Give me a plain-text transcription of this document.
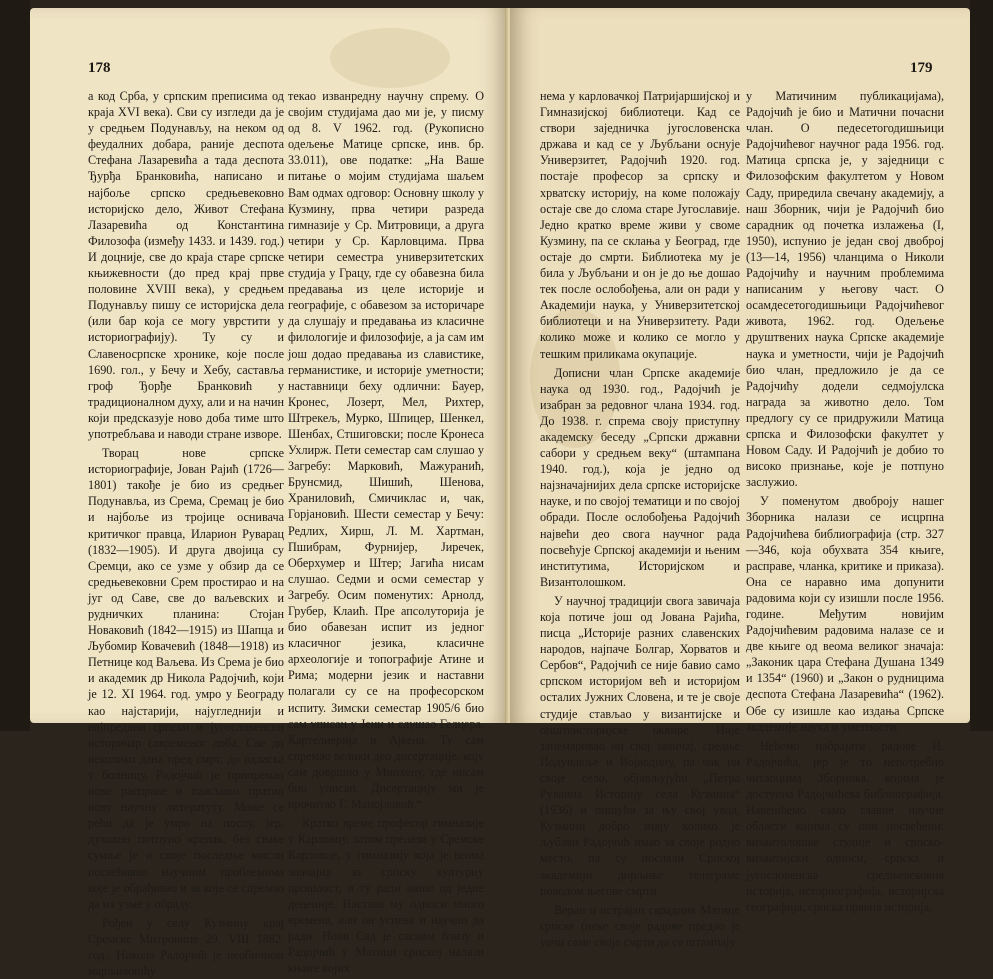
178

а код Срба, у српским преписима од краја XVI века). Сви су изгледи да је у средњем Подунављу, на неком од феудалних добара, раније деспота Стефана Лазаревића а тада деспота Ђурђа Бранковића, написано и најбоље српско средњевековно историјско дело, Живот Стефана Лазаревића од Константина Филозофа (између 1433. и 1439. год.) И доцније, све до краја старе српске књижевности (до пред крај прве половине XVIII века), у средњем Подунављу пишу се историјска дела (или бар која се могу уврстити у историографију). Ту су и Славеносрпске хронике, које после 1690. гол., у Бечу и Хебу, саставља гроф Ђорђе Бранковић у традиционалном духу, али и на начин који предсказује ново доба тиме што употребљава и наводи стране изворе.

Творац нове српске историографије, Јован Рајић (1726—1801) такође је био из средњег Подунавља, из Срема, Сремац је био и најбоље из тројице оснивача критичког правца, Иларион Руварац (1832—1905). И друга двојица су Сремци, ако се узме у обзир да се средњевековни Срем простирао и на југ од Саве, све до ваљевских и рудничких планина: Стојан Новаковић (1842—1915) из Шапца и Љубомир Ковачевић (1848—1918) из Петнице код Ваљева. Из Срема је био и академик др Никола Радојчић, који је 12. XI 1964. год. умро у Београду као најстарији, најугледнији и најпредани српски и југословенски историчар савременог доба. Све до неколико дана пред смрт, до одласка у болницу, Радојчић је припремао нове расправе и пажљиво пратио нову научну литератуту. Може се рећи да је умро на послу, јер, духовно потпуно крепак, без сваке сумње је и своје последње мисли посвећивао научним проблемима које је обрађивао и за које се спремао да их узме у обраду.

Рођен у селу Кузмину крај Сремске Митровице 29. VIII 1882. год., Никола Радојчић је необичном марљивошћу

текао изванредну научну спрему. О својим студијама дао ми је, у писму од 8. V 1962. год. (Рукописно одељење Матице српске, инв. бр. 33.011), ове податке: „На Ваше питање о мојим студијама шаљем Вам одмах одговор: Основну школу у Кузмину, прва четири разреда гимназије у Ср. Митровици, а друга четири у Ср. Карловцима. Прва четири семестра универзитетских студија у Грацу, где су обавезна била предавања из целе историје и географије, с обавезом за историчаре да слушају и предавања из класичне филологије и филозофије, а ја сам им још додао предавања из славистике, германистике, и историје уметности; наставници беху одлични: Бауер, Кронес, Лозерт, Мел, Рихтер, Штрекељ, Мурко, Шпицер, Шенкел, Шенбах, Стшиговски; после Кронеса Ухлирж. Пети семестар сам слушао у Загребу: Марковић, Мажуранић, Брунсмид, Шишић, Шенова, Храниловић, Смичиклас и, чак, Горјановић. Шести семестар у Бечу: Редлих, Хирш, Л. М. Хартман, Пшибрам, Фурнијер, Јиречек, Оберхумер и Штер; Јагића нисам слушао. Седми и осми семестар у Загребу. Осим поменутих: Арнолд, Грубер, Клаић. Пре апсолуторија је био обавезан испит из једног класичног језика, класичне археологије и топографије Атине и Рима; модерни језик и наставни полагали су се на професорском испиту. Зимски семестар 1905/6 био сам уписан у Јени и слушао Гелцера, Картелиерија и Ајкена. Ту сам спремао велики део дисертације, коју сам довршио у Минхену, где нисам био уписан. Дисертацију ми је прочитао Г. Манојловић.“

Кратко време професор гимназије у Карловцу, затим прелази у Сремске Карловце, у гимназију која је веома значајна за српску културну прошлост, и ту ради више од једне деценије. Настава му односи много времена, али он успева и научно да ради. Нови Сад је сасвим близу и Радојчић у Матици српској налази књиге којих

179

нема у карловачкој Патријаршијској и Гимназијској библиотеци. Кад се створи заједничка југословенска држава и кад се у Љубљани оснује Универзитет, Радојчић 1920. год. постаје професор за српску и хрватску историју, на коме положају остаје све до слома старе Југославије. Једно кратко време живи у своме Кузмину, па се склања у Београд, где остаје до смрти. Библиотека му је била у Љубљани и он је до ње дошао тек после ослобођења, али он ради у Академији наука, у Универзитетској библиотеци и на Универзитету. Ради колико може и колико се могло у тешким приликама окупације.

Дописни члан Српске академије наука од 1930. год., Радојчић је изабран за редовног члана 1934. год. До 1938. г. спрема своју приступну академску беседу „Српски државни сабори у средњем веку“ (штампана 1940. год.), која је једно од најзначајнијих дела српске историјске науке, и по својој тематици и по својој обради. После ослобођења Радојчић највећи део свога научног рада посвећује Српској академији и њеним институтима, Историјском и Византолошком.

У научној традицији свога завичаја која потиче још од Јована Рајића, писца „Историје разних славенских народов, најпаче Болгар, Хорватов и Сербов“, Радојчић се није бавио само српском историјом већ и историјом осталих Јужних Словена, и те је своје студије стављао у византијске и општеисторијске оквире. Није занемаривао ни свој завичај, средње Подунавље и Војводину, па чак ни своје село, објављујући „Петра Руваина Историју села Кузмина“ (1936) и пишући за њу свој увод. Кузмини добро знају колико је љубави Радојчић имао за своје родно место, па су послали Српској академији дирљиве телеграме поводом његове смрти.

Веран и истрајан сарадник Матице српске (неке своје радове предао је уочи саме своје смрти да се штампају

у Матичиним публикацијама), Радојчић је био и Матични почасни члан. О педесетогодишњици Радојчићевог научног рада 1956. год. Матица српска је, у заједници с Филозофским факултетом у Новом Саду, приредила свечану академију, а наш Зборник, чији је Радојчић био сарадник од почетка излажења (I, 1950), испунио је један свој двоброј (13—14, 1956) чланцима о Николи Радојчићу и научним проблемима написаним у његову част. О осамдесетогодишњици Радојчићевог живота, 1962. год. Одељење друштвених наука Српске академије наука и уметности, чији је Радојчић био члан, предложило је да се Радојчићу додели седмојулска награда за животно дело. Том предлогу су се придружили Матица српска и Филозофски факултет у Новом Саду. И Радојчић је добио то високо признање, које је потпуно заслужио.

У поменутом двоброју нашег Зборника налази се исцрпна Радојчићева библиографија (стр. 327—346, која обухвата 354 књиге, расправе, чланка, критике и приказа). Она се наравно има допунити радовима који су изишли после 1956. године. Међутим новијим Радојчићевим радовима налазе се и две књиге од веома великог значаја: „Законик цара Стефана Душана 1349 и 1354“ (1960) и „Закон о рудницима деспота Стефана Лазаревића“ (1962). Обе су изишле као издања Српске академије наука и уметности.

Нећемо набрајати радове Н. Радојчића, јер је то непотребно читаоцима Зборника, којима је доступна Радојчићева библиографија. Навешћемо само главне научне области којима су они посвећени: византолошке студије и српско-византијски односи, српска и југословенска средњевековна историја, историографија, историјска географија, српска правна историја.
